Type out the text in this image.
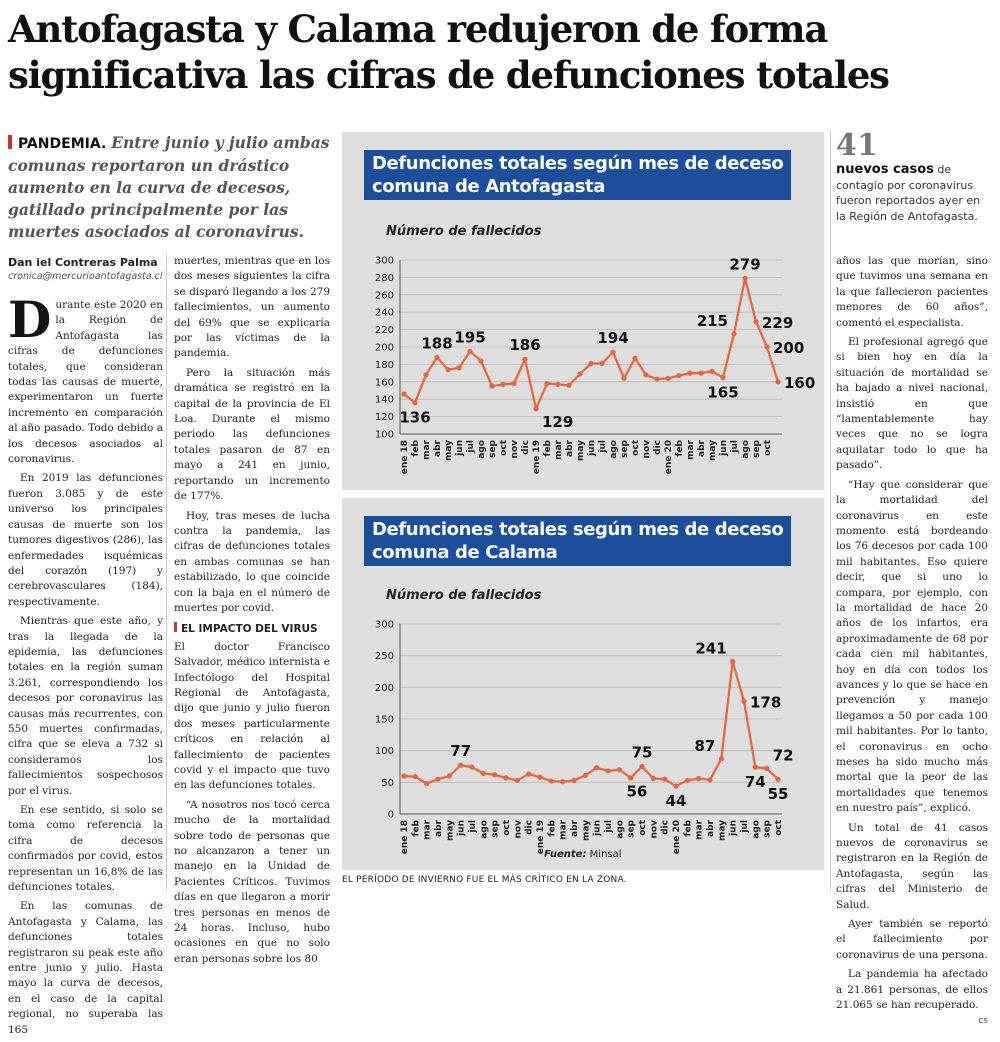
Antofagasta y Calama redujeron de forma
significativa las cifras de defunciones totales
PANDEMIA. Entre junio y julio ambas comunas reportaron un drástico aumento en la curva de decesos, gatillado principalmente por las muertes asociados al coronavirus.
Dan iel Contreras Palma
cronica@mercurioantofagasta.cl
41
nuevos casos de contagio por coronavirus fueron reportados ayer en la Región de Antofagasta.

Durante este 2020 en la Región de Antofagasta las cifras de defunciones totales, que consideran todas las causas de muerte, experimentaron un fuerte incremento en comparación al año pasado. Todo debido a los decesos asociados al coronavirus.

En 2019 las defunciones fueron 3.085 y de este universo los principales causas de muerte son los tumores digestivos (286), las enfermedades isquémicas del corazón (197) y cerebrovasculares (184), respectivamente.

Mientras que este año, y tras la llegada de la epidemia, las defunciones totales en la región suman 3.261, correspondiendo los decesos por coronavirus las causas más recurrentes, con 550 muertes confirmadas, cifra que se eleva a 732 si consideramos los fallecimientos sospechosos por el virus.

En ese sentido, si solo se toma como referencia la cifra de decesos confirmados por covid, estos representan un 16,8% de las defunciones totales.

En las comunas de Antofagasta y Calama, las defunciones totales registraron su peak este año entre junio y julio. Hasta mayo la curva de decesos, en el caso de la capital regional, no superaba las 165

muertes, mientras que en los dos meses siguientes la cifra se disparó llegando a los 279 fallecimientos, un aumento del 69% que se explicaría por las víctimas de la pandemia.

Pero la situación más dramática se registró en la capital de la provincia de El Loa. Durante el mismo periodo las defunciones totales pasaron de 87 en mayo a 241 en junio, reportando un incremento de 177%.

Hoy, tras meses de lucha contra la pandemia, las cifras de defunciones totales en ambas comunas se han estabilizado, lo que coincide con la baja en el número de muertes por covid.

EL IMPACTO DEL VIRUS

El doctor Francisco Salvador, médico internista e Infectólogo del Hospital Regional de Antofagasta, dijo que junio y julio fueron dos meses particularmente críticos en relación al fallecimiento de pacientes covid y el impacto que tuvo en las defunciones totales.

“A nosotros nos tocó cerca mucho de la mortalidad sobre todo de personas que no alcanzaron a tener un manejo en la Unidad de Pacientes Críticos. Tuvimos días en que llegaron a morir tres personas en menos de 24 horas. Incluso, hubo ocasiones en que no solo eran personas sobre los 80

años las que morían, sino que tuvimos una semana en la que fallecieron pacientes menores de 60 años”, comentó el especialista.

El profesional agregó que si bien hoy en día la situación de mortalidad se ha bajado a nivel nacional, insistió en que “lamentablemente hay veces que no se logra aquilatar todo lo que ha pasado”.

“Hay que considerar que la mortalidad del coronavirus en este momento está bordeando los 76 decesos por cada 100 mil habitantes. Eso quiere decir, que si uno lo compara, por ejemplo, con la mortalidad de hace 20 años de los infartos, era aproximadamente de 68 por cada cien mil habitantes, hoy en día con todos los avances y lo que se hace en prevención y manejo llegamos a 50 por cada 100 mil habitantes. Por lo tanto, el coronavirus en ocho meses ha sido mucho más mortal que la peor de las mortalidades que tenemos en nuestro país”, explicó.

Un total de 41 casos nuevos de coronavirus se registraron en la Región de Antofagasta, según las cifras del Ministerio de Salud.

Ayer también se reportó el fallecimiento por coronavirus de una persona.

La pandemia ha afectado a 21.861 personas, de ellos 21.065 se han recuperado.
cs

100
120
140
160
180
200
220
240
260
280
300
ene 18 feb mar abr may jun jul ago sep oct nov dic ene 19 feb mar abr may jun jul ago sep oct nov dic ene 20 feb mar abr may jun jul ago sep oct
136
188 195 186
129
194
165
215
279
229
200
160
Defunciones totales según mes de deceso
comuna de Antofagasta
Número de fallecidos
0
50
100
150
200
250
300
ene 18 feb mar abr may jun jul ago sep oct nov dic ene 19 feb mar abr may jun jul ago sep oct nov dic ene 20 feb mar abr may jun jul ago sep oct
77	75
56
44
87
241
178
74
72
55
Defunciones totales según mes de deceso
comuna de Calama
Número de fallecidos
Fuente: Minsal
EL PERÍODO DE INVIERNO FUE EL MÁS CRÍTICO EN LA ZONA.
